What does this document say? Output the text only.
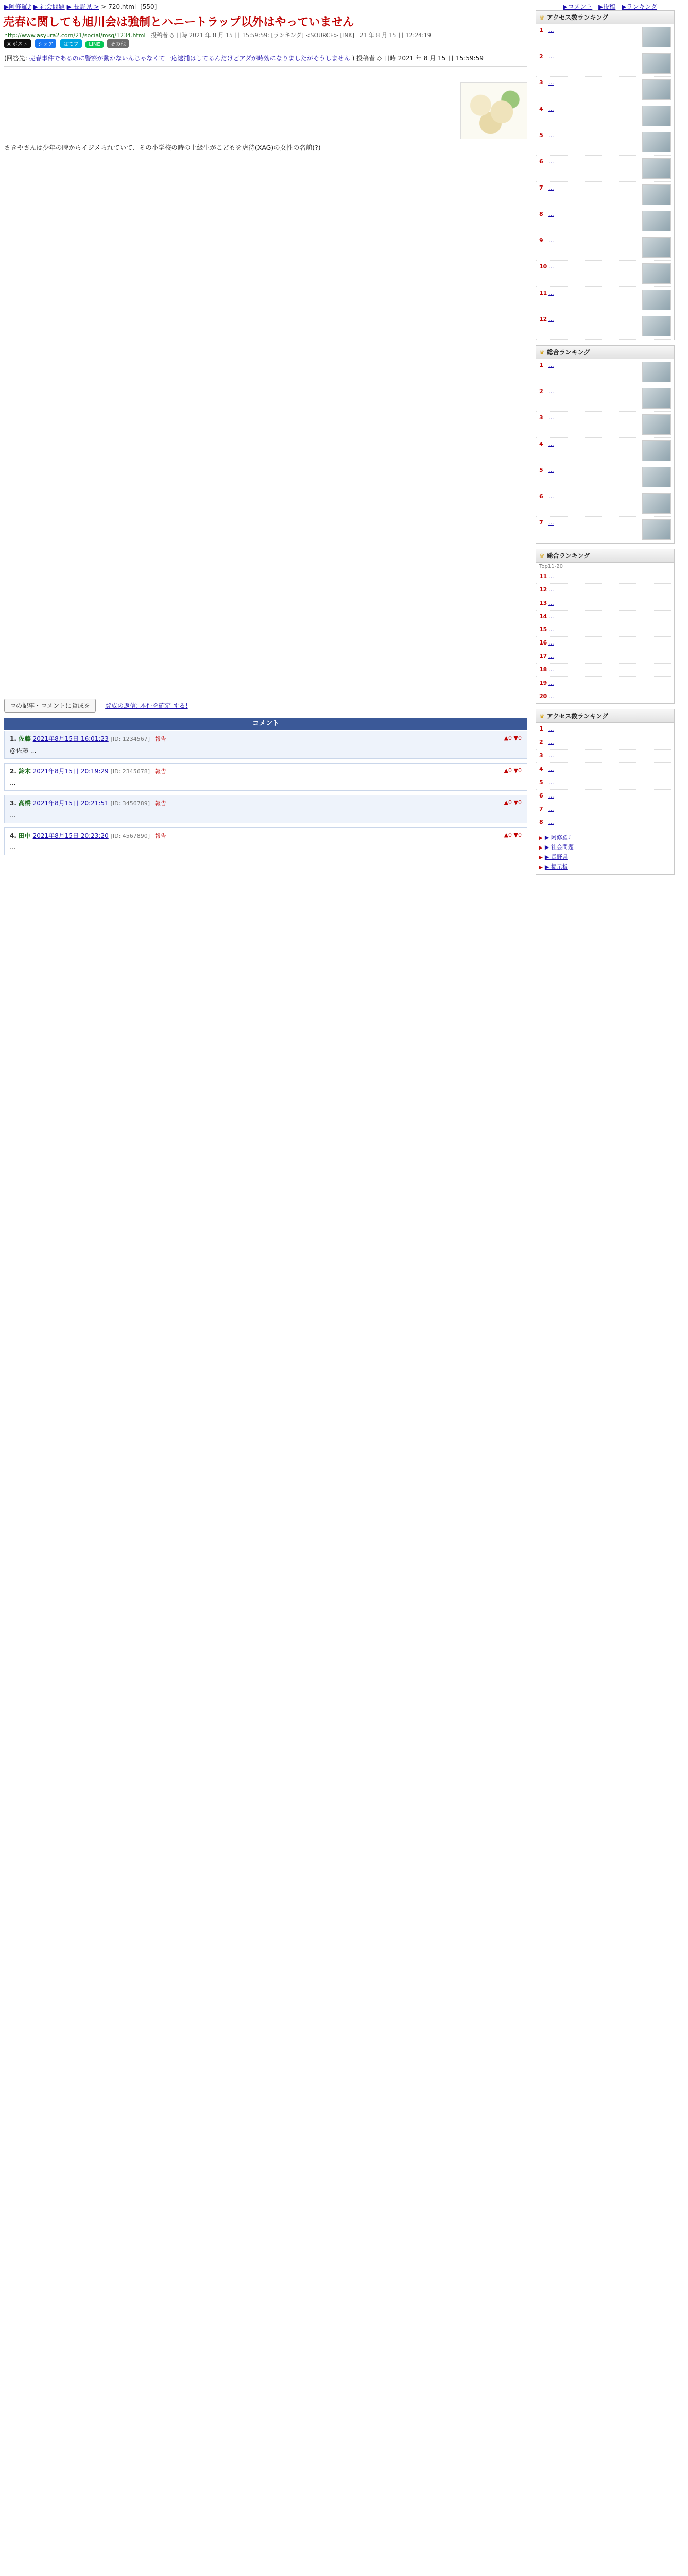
▶阿修羅♪ ▶ 社会問題 ▶ 長野県 > > 720.html [550]	▶コメント ▶投稿 ▶ランキング
売春に関しても旭川会は強制とハニートラップ以外はやっていません
http://www.asyura2.com/21/social/msg/1234.html 投稿者 ◇ 日時 2021 年 8 月 15 日 15:59:59: [ランキング] <SOURCE> [INK] 21 年 8 月 15 日 12:24:19
X ポスト シェア はてブ LINE その他
(回答先: 売春事件であるのに警察が動かないんじゃなくて一応逮捕はしてるんだけどアダが時効になりましたがそうしません ) 投稿者 ◇ 日時 2021 年 8 月 15 日 15:59:59

さきやさんは少年の時からイジメられていて、その小学校の時の上級生がこどもを虐待(XAG)の女性の名前(?)

コの記事・コメントに賛成を 賛成の返信: 本件を確定 する!
コメント
1. 佐藤 2021年8月15日 16:01:23 [ID: 1234567] 報告	▲0 ▼0
@佐藤 ...
2. 鈴木 2021年8月15日 20:19:29 [ID: 2345678] 報告	▲0 ▼0
...
3. 高橋 2021年8月15日 20:21:51 [ID: 3456789] 報告	▲0 ▼0
...
4. 田中 2021年8月15日 20:23:20 [ID: 4567890] 報告	▲0 ▼0
...
♛ アクセス数ランキング
1 ...
2 ...
3 ...
4 ...
5 ...
6 ...
7 ...
8 ...
9 ...
10 ...
11 ...
12 ...
♛ 総合ランキング
1 ...
2 ...
3 ...
4 ...
5 ...
6 ...
7 ...
♛ 総合ランキング
Top11-20
11 ...
12 ...
13 ...
14 ...
15 ...
16 ...
17 ...
18 ...
19 ...
20 ...
♛ アクセス数ランキング
1 ...
2 ...
3 ...
4 ...
5 ...
6 ...
7 ...
8 ...
▶ ▶ 阿修羅♪
▶ ▶ 社会問題
▶ ▶ 長野県
▶ ▶ 掲示板
